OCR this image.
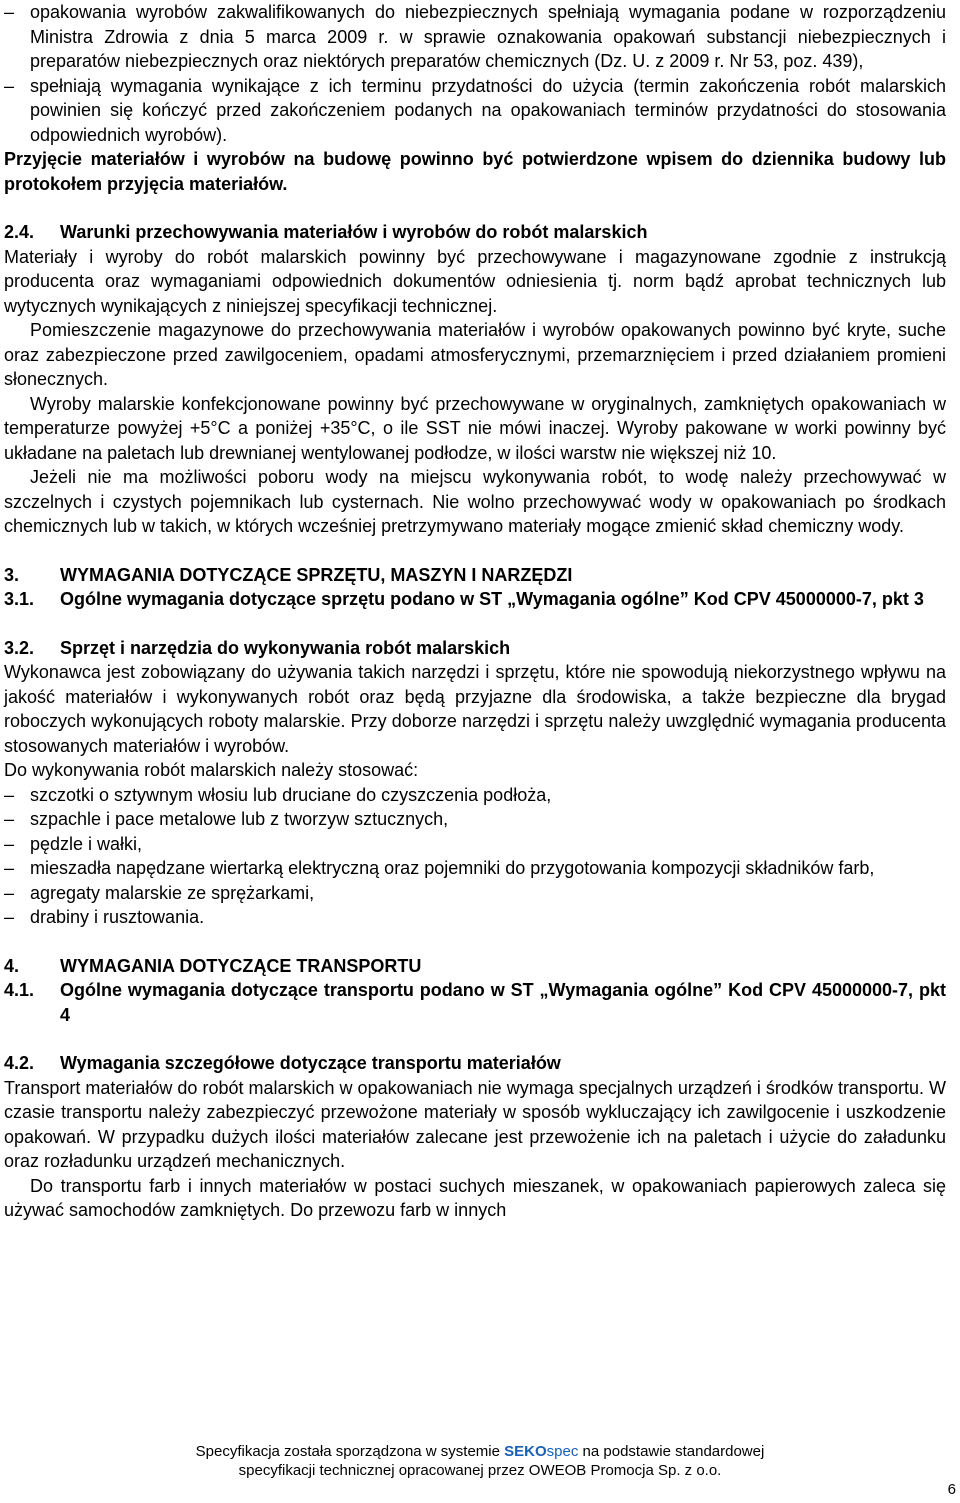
– opakowania wyrobów zakwalifikowanych do niebezpiecznych spełniają wymagania podane w rozporządzeniu Ministra Zdrowia z dnia 5 marca 2009 r. w sprawie oznakowania opakowań substancji niebezpiecznych i preparatów niebezpiecznych oraz niektórych preparatów chemicznych (Dz. U. z 2009 r. Nr 53, poz. 439),

– spełniają wymagania wynikające z ich terminu przydatności do użycia (termin zakończenia robót malarskich powinien się kończyć przed zakończeniem podanych na opakowaniach terminów przydatności do stosowania odpowiednich wyrobów).

Przyjęcie materiałów i wyrobów na budowę powinno być potwierdzone wpisem do dziennika budowy lub protokołem przyjęcia materiałów.

2.4. Warunki przechowywania materiałów i wyrobów do robót malarskich

Materiały i wyroby do robót malarskich powinny być przechowywane i magazynowane zgodnie z instrukcją producenta oraz wymaganiami odpowiednich dokumentów odniesienia tj. norm bądź aprobat technicznych lub wytycznych wynikających z niniejszej specyfikacji technicznej.

Pomieszczenie magazynowe do przechowywania materiałów i wyrobów opakowanych powinno być kryte, suche oraz zabezpieczone przed zawilgoceniem, opadami atmosferycznymi, przemarznięciem i przed działaniem promieni słonecznych.

Wyroby malarskie konfekcjonowane powinny być przechowywane w oryginalnych, zamkniętych opakowaniach w temperaturze powyżej +5°C a poniżej +35°C, o ile SST nie mówi inaczej. Wyroby pakowane w worki powinny być układane na paletach lub drewnianej wentylowanej podłodze, w ilości warstw nie większej niż 10.

Jeżeli nie ma możliwości poboru wody na miejscu wykonywania robót, to wodę należy przechowywać w szczelnych i czystych pojemnikach lub cysternach. Nie wolno przechowywać wody w opakowaniach po środkach chemicznych lub w takich, w których wcześniej pretrzymywano materiały mogące zmienić skład chemiczny wody.

3. WYMAGANIA DOTYCZĄCE SPRZĘTU, MASZYN I NARZĘDZI

3.1. Ogólne wymagania dotyczące sprzętu podano w ST „Wymagania ogólne” Kod CPV 45000000-7, pkt 3

3.2. Sprzęt i narzędzia do wykonywania robót malarskich

Wykonawca jest zobowiązany do używania takich narzędzi i sprzętu, które nie spowodują niekorzystnego wpływu na jakość materiałów i wykonywanych robót oraz będą przyjazne dla środowiska, a także bezpieczne dla brygad roboczych wykonujących roboty malarskie. Przy doborze narzędzi i sprzętu należy uwzględnić wymagania producenta stosowanych materiałów i wyrobów.

Do wykonywania robót malarskich należy stosować:

– szczotki o sztywnym włosiu lub druciane do czyszczenia podłoża,

– szpachle i pace metalowe lub z tworzyw sztucznych,

– pędzle i wałki,

– mieszadła napędzane wiertarką elektryczną oraz pojemniki do przygotowania kompozycji składników farb,

– agregaty malarskie ze sprężarkami,

– drabiny i rusztowania.

4. WYMAGANIA DOTYCZĄCE TRANSPORTU

4.1. Ogólne wymagania dotyczące transportu podano w ST „Wymagania ogólne” Kod CPV 45000000-7, pkt 4

4.2. Wymagania szczegółowe dotyczące transportu materiałów

Transport materiałów do robót malarskich w opakowaniach nie wymaga specjalnych urządzeń i środków transportu. W czasie transportu należy zabezpieczyć przewożone materiały w sposób wykluczający ich zawilgocenie i uszkodzenie opakowań. W przypadku dużych ilości materiałów zalecane jest przewożenie ich na paletach i użycie do załadunku oraz rozładunku urządzeń mechanicznych.

Do transportu farb i innych materiałów w postaci suchych mieszanek, w opakowaniach papierowych zaleca się używać samochodów zamkniętych. Do przewozu farb w innych

Specyfikacja została sporządzona w systemie SEKOspec na podstawie standardowej
specyfikacji technicznej opracowanej przez OWEOB Promocja Sp. z o.o.
6
